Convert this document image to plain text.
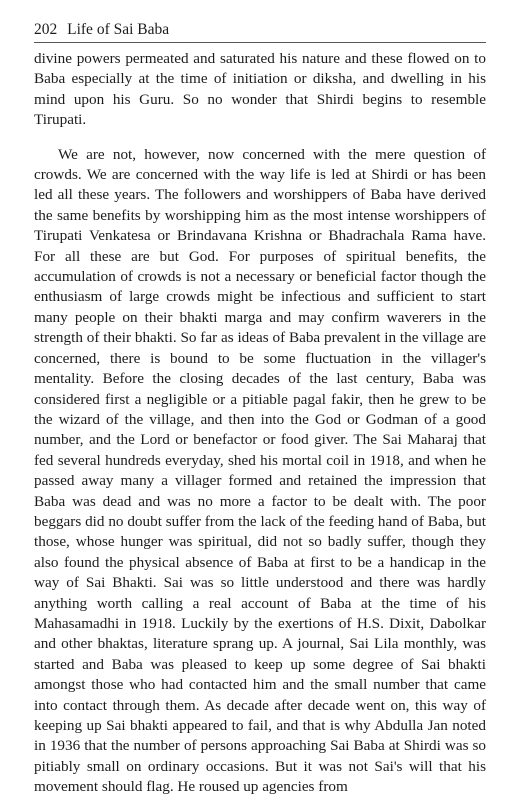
202 Life of Sai Baba

divine powers permeated and saturated his nature and these flowed on to Baba especially at the time of initiation or diksha, and dwelling in his mind upon his Guru. So no wonder that Shirdi begins to resemble Tirupati.

We are not, however, now concerned with the mere question of crowds. We are concerned with the way life is led at Shirdi or has been led all these years. The followers and worshippers of Baba have derived the same benefits by worshipping him as the most intense worshippers of Tirupati Venkatesa or Brindavana Krishna or Bhadrachala Rama have. For all these are but God. For purposes of spiritual benefits, the accumulation of crowds is not a necessary or beneficial factor though the enthusiasm of large crowds might be infectious and sufficient to start many people on their bhakti marga and may confirm waverers in the strength of their bhakti. So far as ideas of Baba prevalent in the village are concerned, there is bound to be some fluctuation in the villager's mentality. Before the closing decades of the last century, Baba was considered first a negligible or a pitiable pagal fakir, then he grew to be the wizard of the village, and then into the God or Godman of a good number, and the Lord or benefactor or food giver. The Sai Maharaj that fed several hundreds everyday, shed his mortal coil in 1918, and when he passed away many a villager formed and retained the impression that Baba was dead and was no more a factor to be dealt with. The poor beggars did no doubt suffer from the lack of the feeding hand of Baba, but those, whose hunger was spiritual, did not so badly suffer, though they also found the physical absence of Baba at first to be a handicap in the way of Sai Bhakti. Sai was so little understood and there was hardly anything worth calling a real account of Baba at the time of his Mahasamadhi in 1918. Luckily by the exertions of H.S. Dixit, Dabolkar and other bhaktas, literature sprang up. A journal, Sai Lila monthly, was started and Baba was pleased to keep up some degree of Sai bhakti amongst those who had contacted him and the small number that came into contact through them. As decade after decade went on, this way of keeping up Sai bhakti appeared to fail, and that is why Abdulla Jan noted in 1936 that the number of persons approaching Sai Baba at Shirdi was so pitiably small on ordinary occasions. But it was not Sai's will that his movement should flag. He roused up agencies from
